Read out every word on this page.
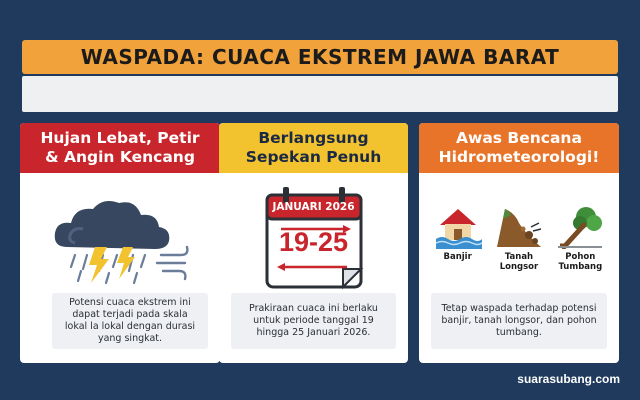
WASPADA: CUACA EKSTREM JAWA BARAT
Hujan Lebat, Petir
& Angin Kencang
Potensi cuaca ekstrem ini dapat terjadi pada skala lokal la lokal dengan durasi yang singkat.
Berlangsung
Sepekan Penuh
JANUARI 2026
19-25
Prakiraan cuaca ini berlaku untuk periode tanggal 19 hingga 25 Januari 2026.
Awas Bencana
Hidrometeorologi!
Banjir	Tanah
Longsor
Pohon
Tumbang
Tetap waspada terhadap potensi banjir, tanah longsor, dan pohon tumbang.
suarasubang.com
